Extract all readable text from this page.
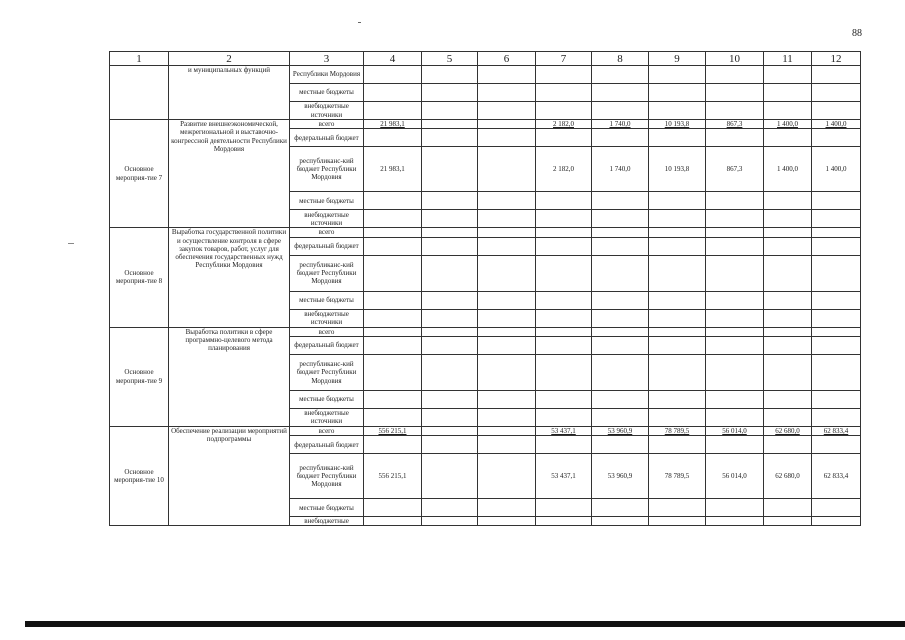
88
1	2	3	4	5	6	7	8	9	10	11	12
	и муниципальных функций	Республики Мордовия									
		местные бюджеты									
		внебюджетные источники									
Основное мероприя-тие 7	Развитие внешнеэкономической, межрегиональной и выставочно-конгрессной деятельности Республики Мордовия	всего	21 983,1			2 182,0	1 740,0	10 193,8	867,3	1 400,0	1 400,0
		федеральный бюджет									
		республиканс-кий бюджет Республики Мордовия	21 983,1			2 182,0	1 740,0	10 193,8	867,3	1 400,0	1 400,0
		местные бюджеты									
		внебюджетные источники									
Основное мероприя-тие 8	Выработка государственной политики и осуществление контроля в сфере закупок товаров, работ, услуг для обеспечения государственных нужд Республики Мордовия	всего									
		федеральный бюджет									
		республиканс-кий бюджет Республики Мордовия									
		местные бюджеты									
		внебюджетные источники									
Основное мероприя-тие 9	Выработка политики в сфере программно-целевого метода планирования	всего									
		федеральный бюджет									
		республиканс-кий бюджет Республики Мордовия									
		местные бюджеты									
		внебюджетные источники									
Основное мероприя-тие 10	Обеспечение реализации мероприятий подпрограммы	всего	556 215,1			53 437,1	53 960,9	78 789,5	56 014,0	62 680,0	62 833,4
		федеральный бюджет									
		республиканс-кий бюджет Республики Мордовия	556 215,1			53 437,1	53 960,9	78 789,5	56 014,0	62 680,0	62 833,4
		местные бюджеты									
		внебюджетные									
